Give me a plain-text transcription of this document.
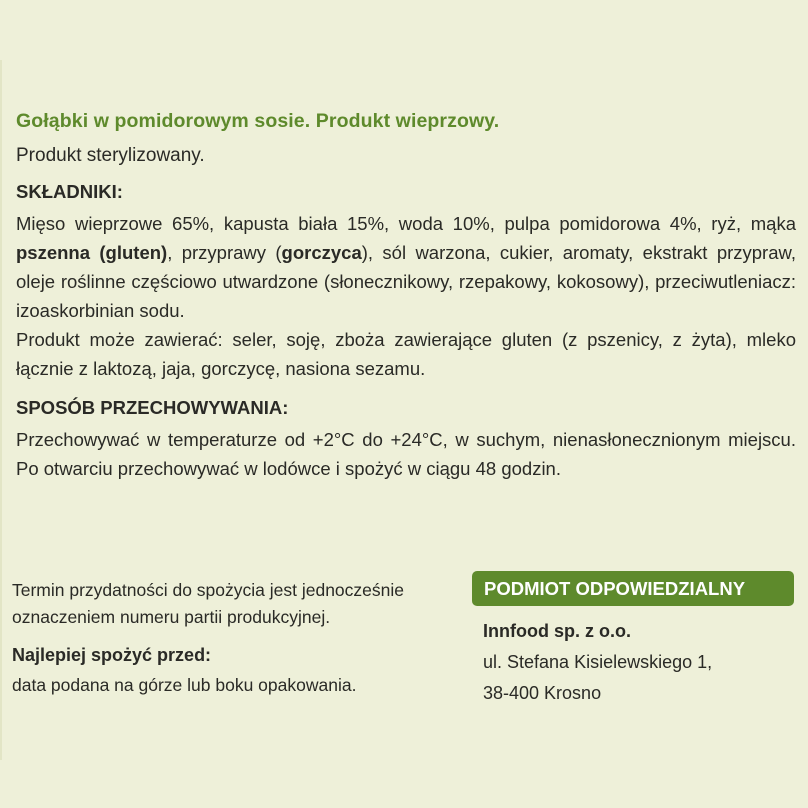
Gołąbki w pomidorowym sosie. Produkt wieprzowy.
Produkt sterylizowany.
SKŁADNIKI:
Mięso wieprzowe 65%, kapusta biała 15%, woda 10%, pulpa pomidorowa 4%, ryż, mąka pszenna (gluten), przyprawy (gorczyca), sól warzona, cukier, aromaty, ekstrakt przypraw, oleje roślinne częściowo utwardzone (słonecznikowy, rzepakowy, kokosowy), przeciwutleniacz: izoaskorbinian sodu.
Produkt może zawierać: seler, soję, zboża zawierające gluten (z pszenicy, z żyta), mleko łącznie z laktozą, jaja, gorczycę, nasiona sezamu.
SPOSÓB PRZECHOWYWANIA:
Przechowywać w temperaturze od +2°C do +24°C, w suchym, nienasłonecznionym miejscu. Po otwarciu przechowywać w lodówce i spożyć w ciągu 48 godzin.
Termin przydatności do spożycia jest jednocześnie oznaczeniem numeru partii produkcyjnej.
Najlepiej spożyć przed:
data podana na górze lub boku opakowania.
PODMIOT ODPOWIEDZIALNY
Innfood sp. z o.o.
ul. Stefana Kisielewskiego 1,
38-400 Krosno
